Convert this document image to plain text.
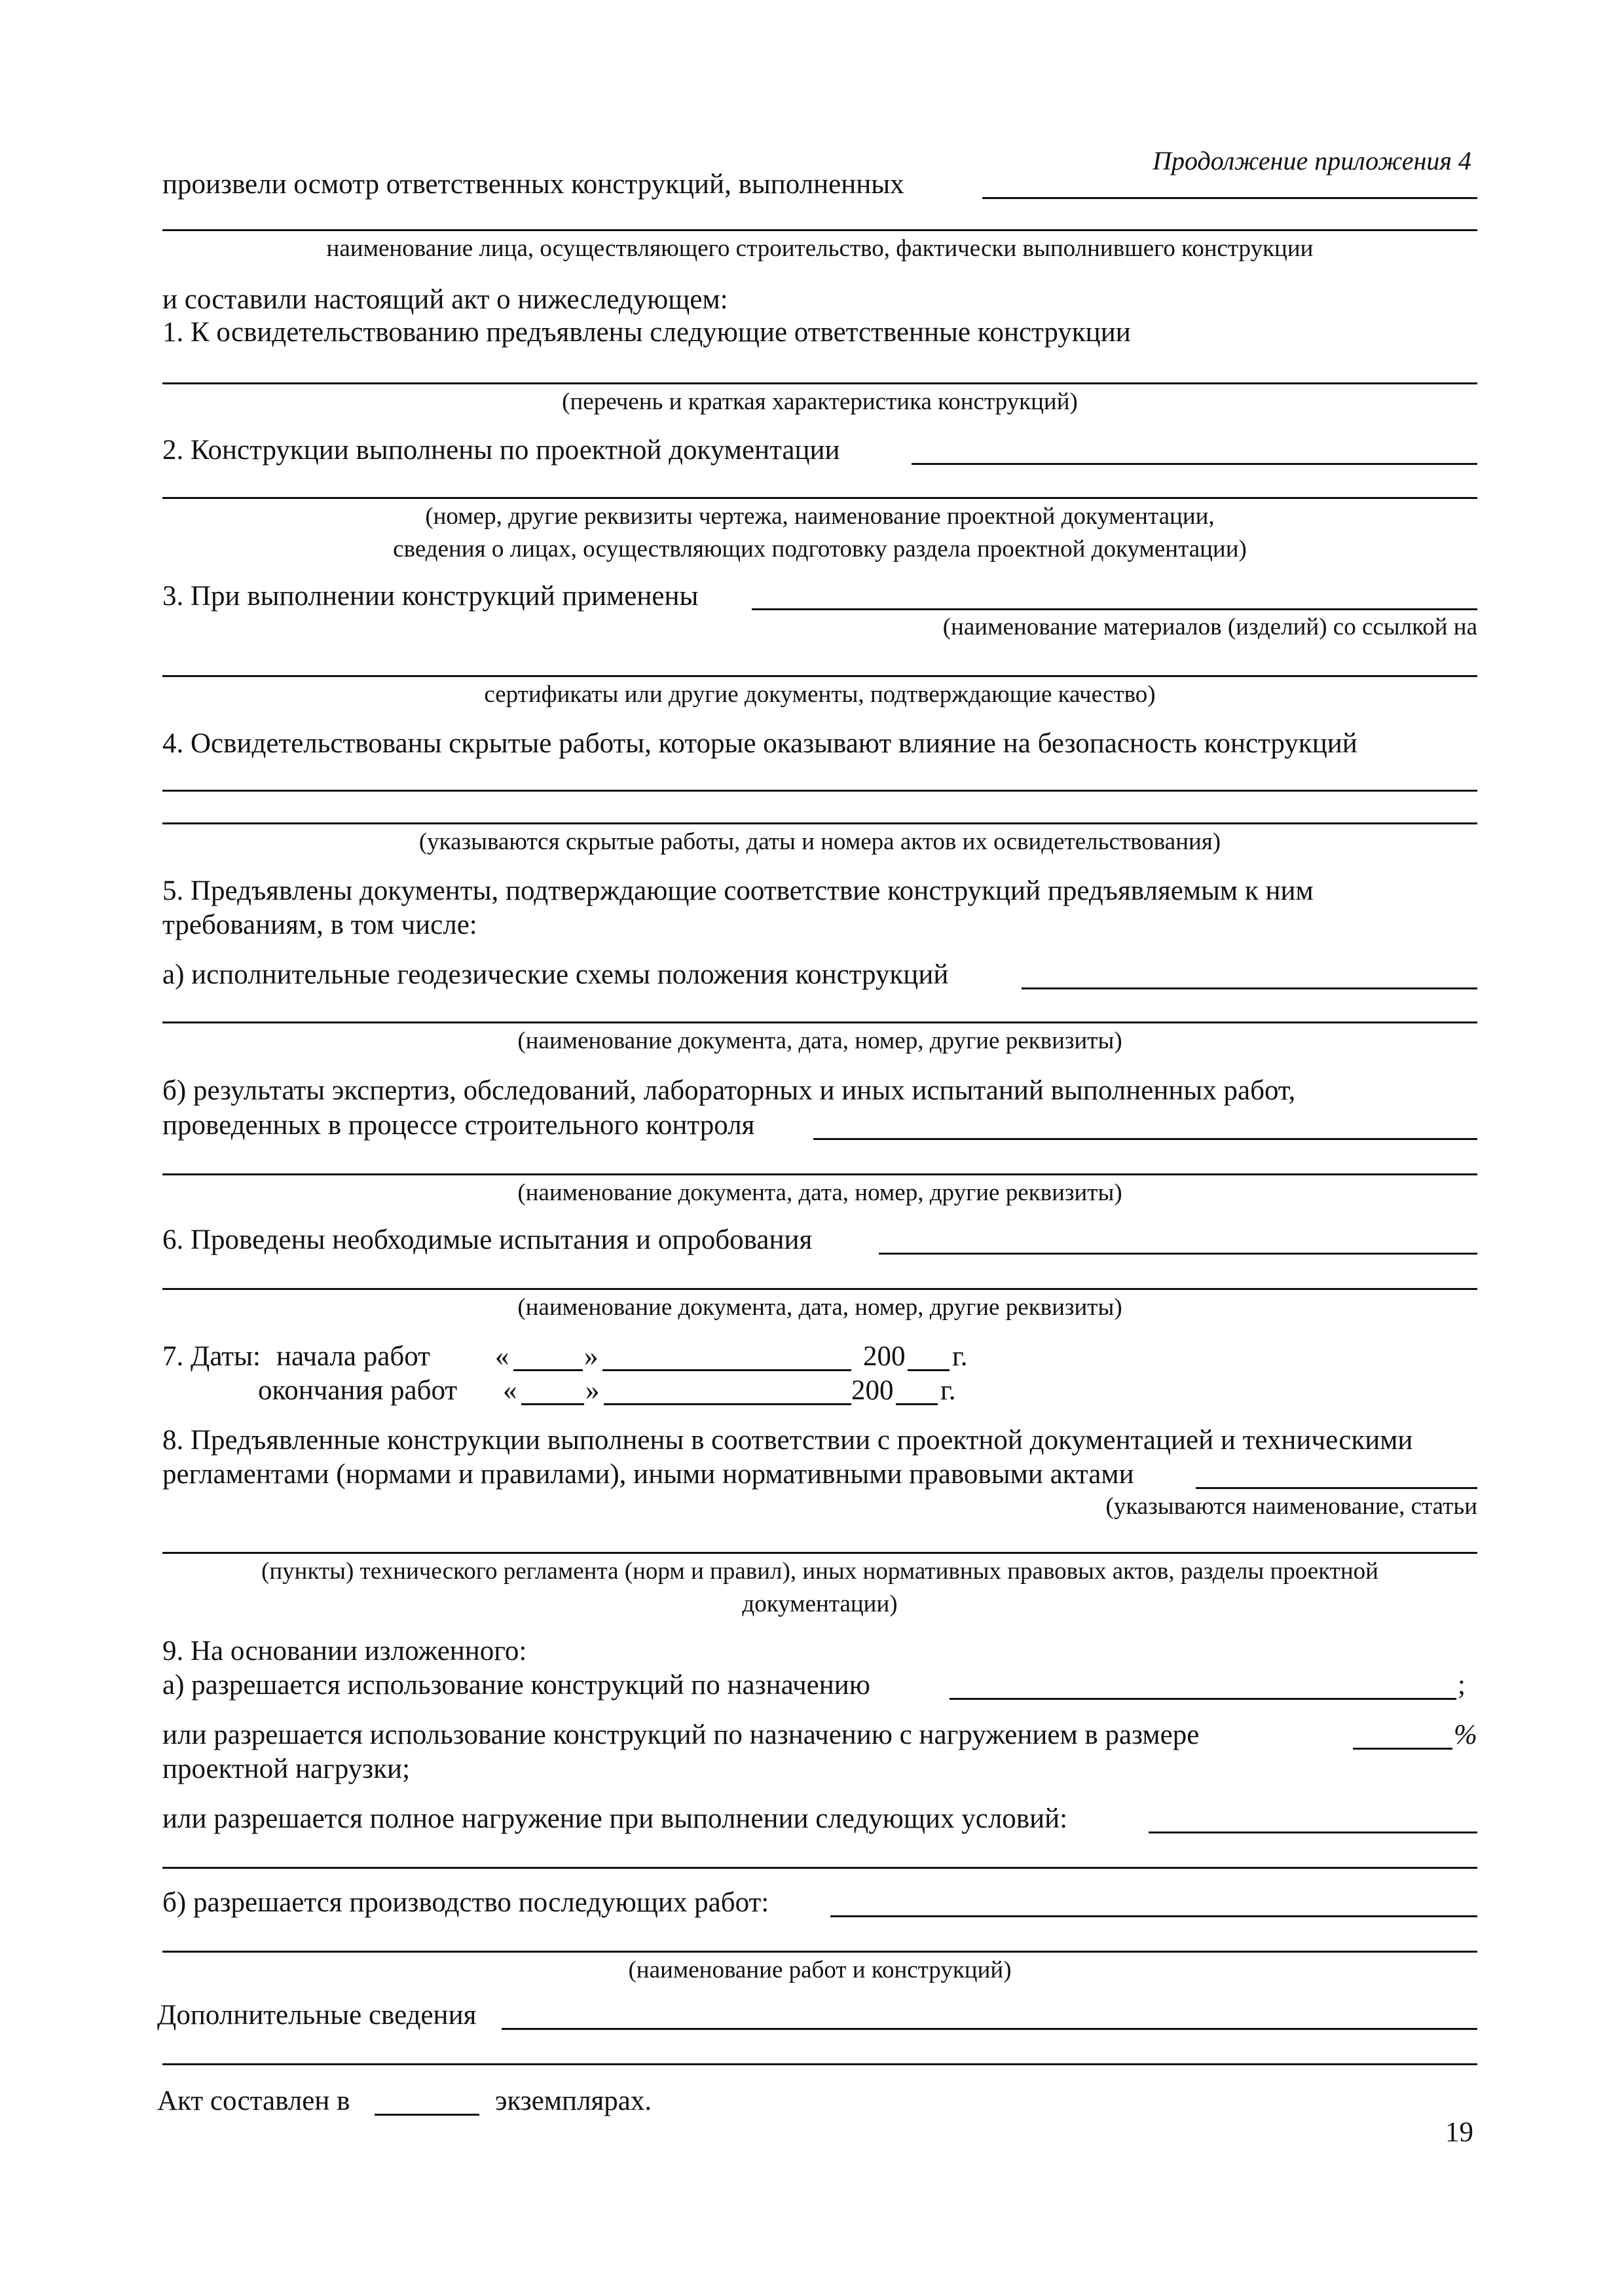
Продолжение приложения 4
произвели осмотр ответственных конструкций, выполненных
наименование лица, осуществляющего строительство, фактически выполнившего конструкции
и составили настоящий акт о нижеследующем:
1. К освидетельствованию предъявлены следующие ответственные конструкции
(перечень и краткая характеристика конструкций)
2. Конструкции выполнены по проектной документации
(номер, другие реквизиты чертежа, наименование проектной документации,
сведения о лицах, осуществляющих подготовку раздела проектной документации)
3. При выполнении конструкций применены
(наименование материалов (изделий) со ссылкой на
сертификаты или другие документы, подтверждающие качество)
4. Освидетельствованы скрытые работы, которые оказывают влияние на безопасность конструкций
(указываются скрытые работы, даты и номера актов их освидетельствования)
5. Предъявлены документы, подтверждающие соответствие конструкций предъявляемым к ним
требованиям, в том числе:
а) исполнительные геодезические схемы положения конструкций
(наименование документа, дата, номер, другие реквизиты)
б) результаты экспертиз, обследований, лабораторных и иных испытаний выполненных работ,
проведенных в процессе строительного контроля
(наименование документа, дата, номер, другие реквизиты)
6. Проведены необходимые испытания и опробования
(наименование документа, дата, номер, другие реквизиты)
7. Даты: начала работ «	»	200 г.
окончания работ « »	200 г.
8. Предъявленные конструкции выполнены в соответствии с проектной документацией и техническими
регламентами (нормами и правилами), иными нормативными правовыми актами
(указываются наименование, статьи
(пункты) технического регламента (норм и правил), иных нормативных правовых актов, разделы проектной
документации)
9. На основании изложенного:
а) разрешается использование конструкций по назначению	;
или разрешается использование конструкций по назначению с нагружением в размере	%
проектной нагрузки;
или разрешается полное нагружение при выполнении следующих условий:
б) разрешается производство последующих работ:
(наименование работ и конструкций)
Дополнительные сведения
Акт составлен в	экземплярах.
19
